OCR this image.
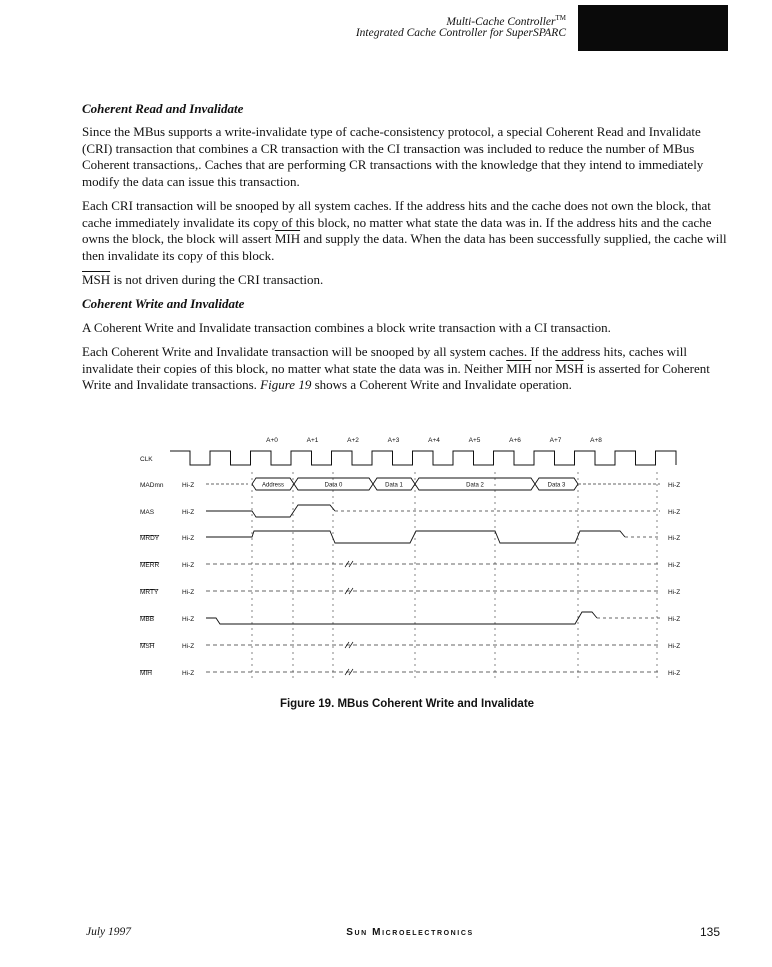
Multi-Cache Controller™
Integrated Cache Controller for SuperSPARC
Coherent Read and Invalidate
Since the MBus supports a write-invalidate type of cache-consistency protocol, a special Coherent Read and Invalidate (CRI) transaction that combines a CR transaction with the CI transaction was included to reduce the number of MBus Coherent transactions,. Caches that are performing CR transactions with the knowledge that they intend to immediately modify the data can issue this transaction.
Each CRI transaction will be snooped by all system caches. If the address hits and the cache does not own the block, that cache immediately invalidate its copy of this block, no matter what state the data was in. If the address hits and the cache owns the block, the block will assert $\overline{MIH}$ and supply the data. When the data has been successfully supplied, the cache will then invalidate its copy of this block.
$\overline{MSH}$ is not driven during the CRI transaction.
Coherent Write and Invalidate
A Coherent Write and Invalidate transaction combines a block write transaction with a CI transaction.
Each Coherent Write and Invalidate transaction will be snooped by all system caches. If the address hits, caches will invalidate their copies of this block, no matter what state the data was in. Neither $\overline{MIH}$ nor $\overline{MSH}$ is asserted for Coherent Write and Invalidate transactions. Figure 19 shows a Coherent Write and Invalidate operation.
A+0	A+1	A+2	A+3	A+4	A+5	A+6	A+7	A+8
CLK
MADmn	Hi-Z
MAS	Hi-Z
MRDY	Hi-Z
MERR	Hi-Z
MRTY	Hi-Z
MBB	Hi-Z
MSH	Hi-Z
MIH	Hi-Z
Address	Data 0	Data 1	Data 2	Data 3	Hi-Z
Hi-Z
Hi-Z
Hi-Z
Hi-Z
Hi-Z
Hi-Z
Hi-Z
Figure 19. MBus Coherent Write and Invalidate
July 1997	Sun Microelectronics	135
